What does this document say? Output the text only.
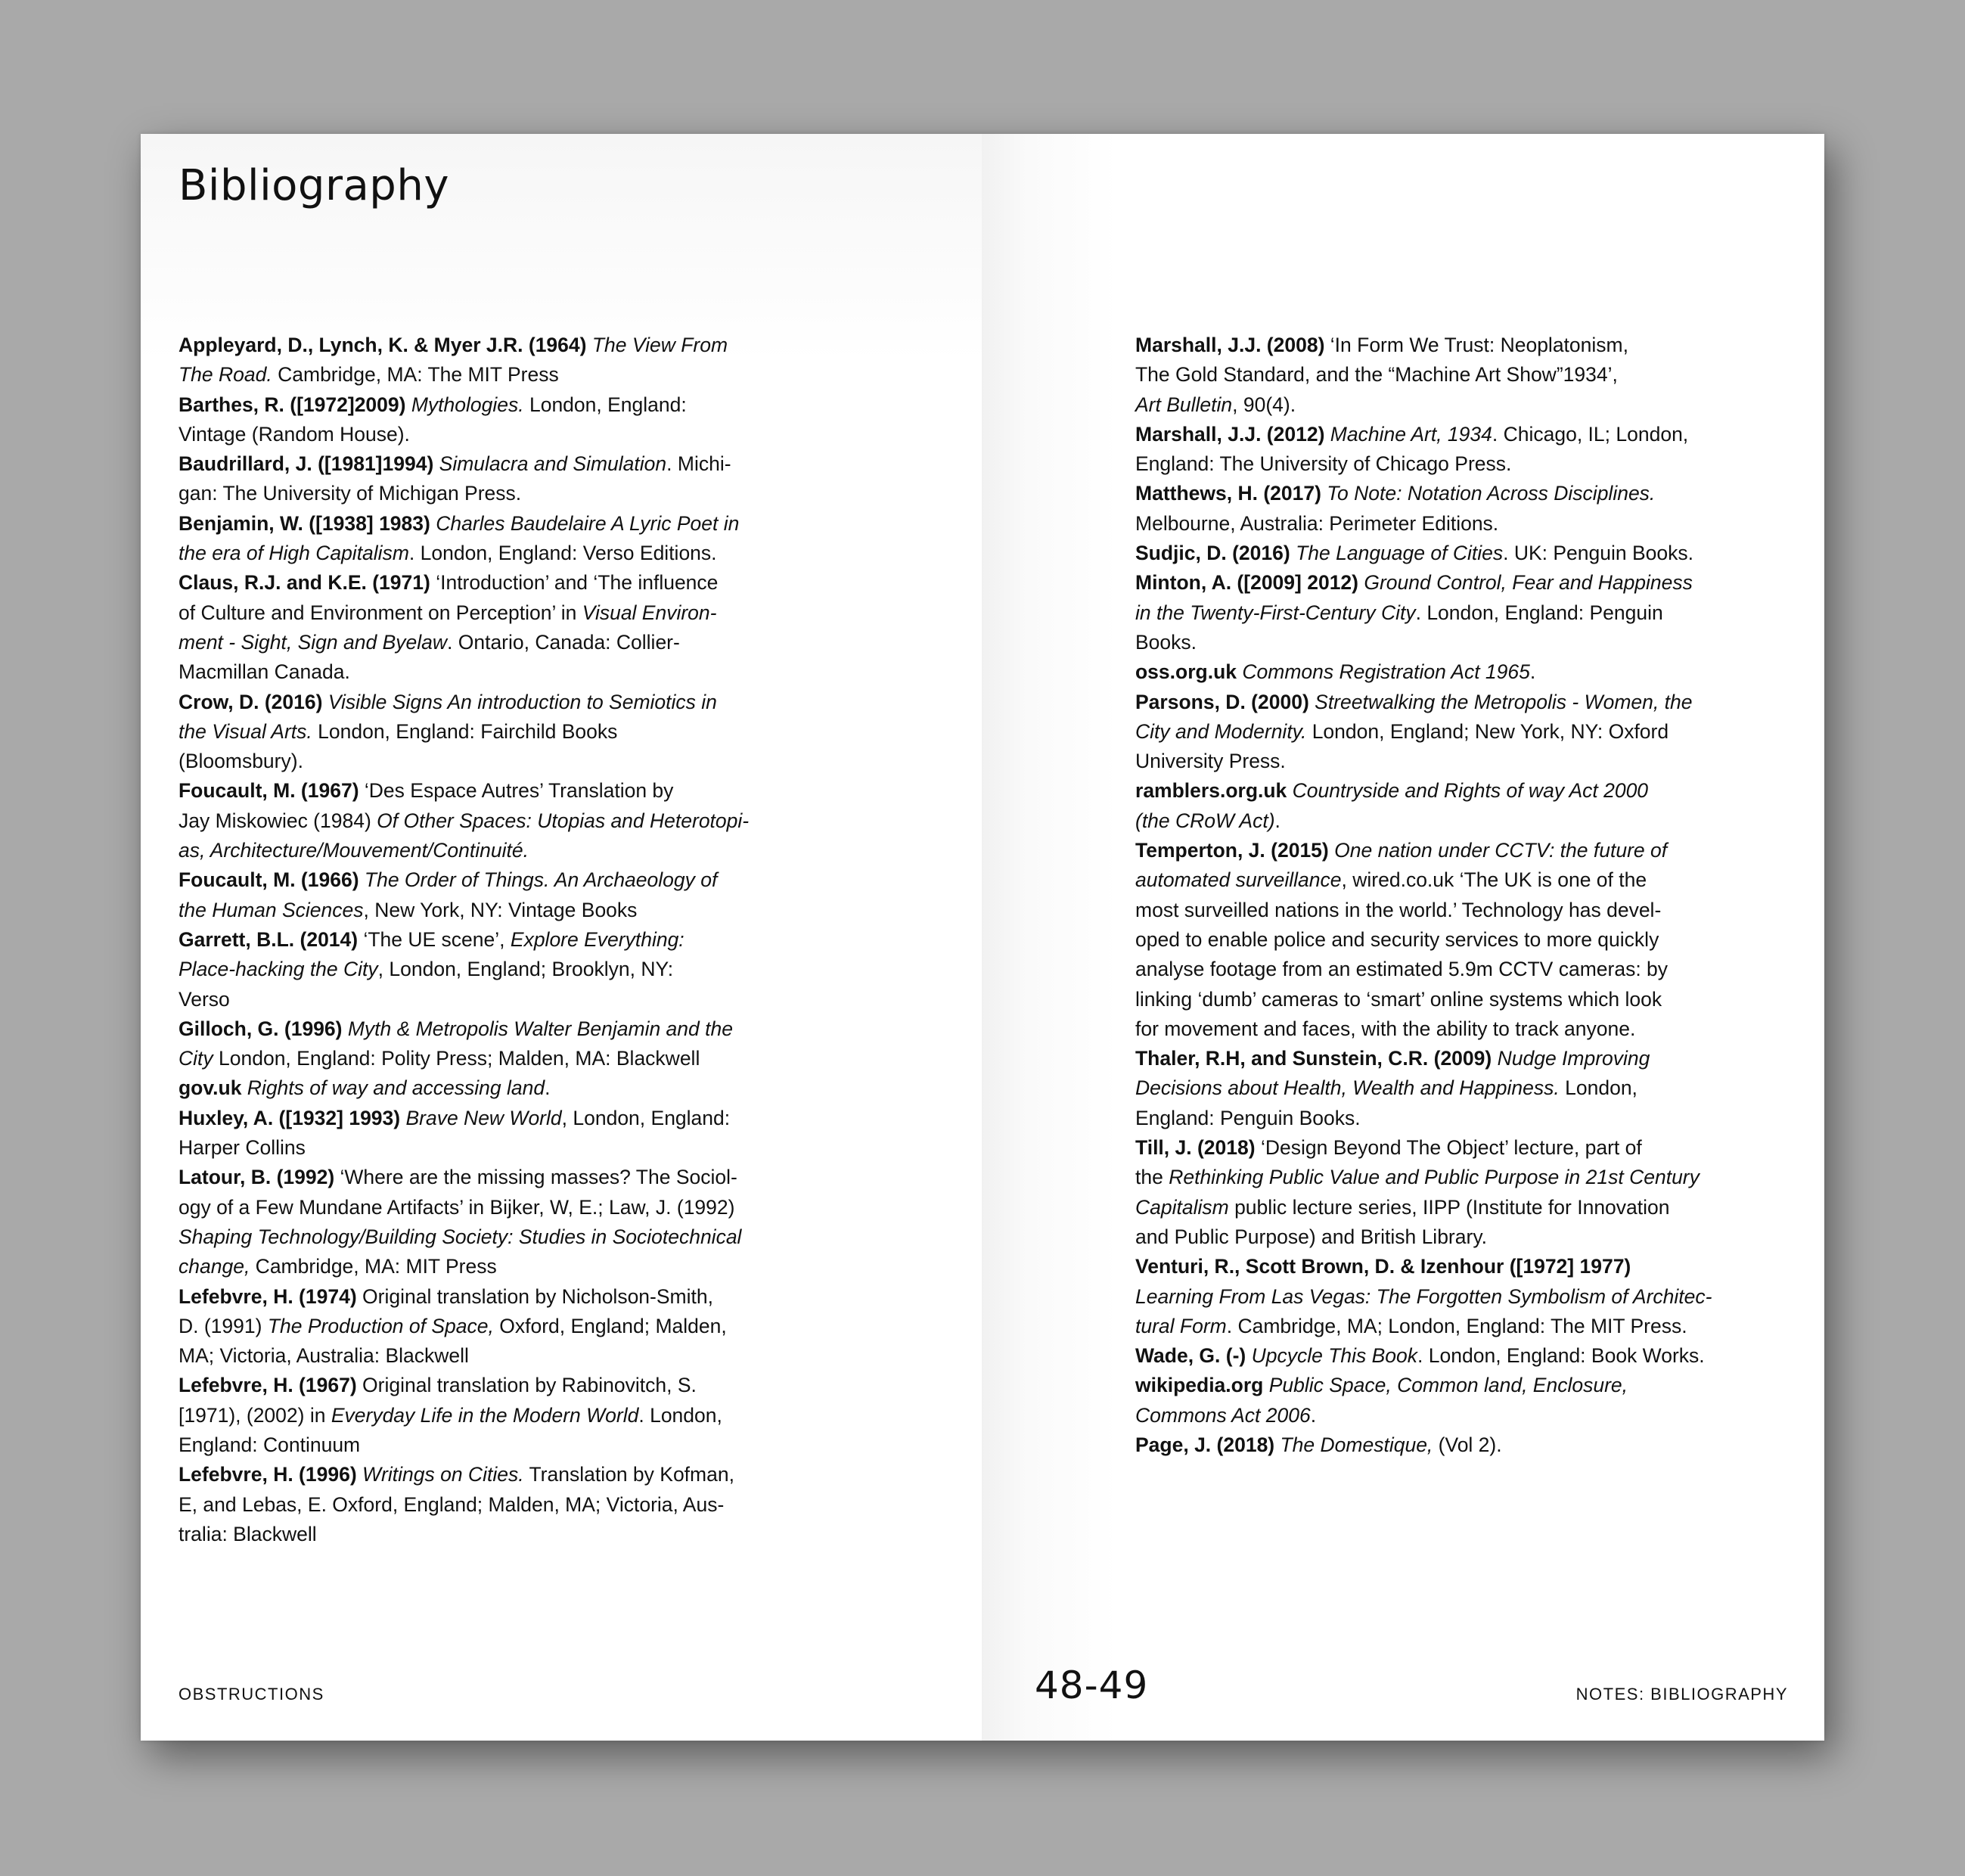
Bibliography
Appleyard, D., Lynch, K. & Myer J.R. (1964) The View From
The Road. Cambridge, MA: The MIT Press
Barthes, R. ([1972]2009) Mythologies. London, England:
Vintage (Random House).
Baudrillard, J. ([1981]1994) Simulacra and Simulation. Michi-
gan: The University of Michigan Press.
Benjamin, W. ([1938] 1983) Charles Baudelaire A Lyric Poet in
the era of High Capitalism. London, England: Verso Editions.
Claus, R.J. and K.E. (1971) ‘Introduction’ and ‘The influence
of Culture and Environment on Perception’ in Visual Environ-
ment - Sight, Sign and Byelaw. Ontario, Canada: Collier-
Macmillan Canada.
Crow, D. (2016) Visible Signs An introduction to Semiotics in
the Visual Arts. London, England: Fairchild Books
(Bloomsbury).
Foucault, M. (1967) ‘Des Espace Autres’ Translation by
Jay Miskowiec (1984) Of Other Spaces: Utopias and Heterotopi-
as, Architecture/Mouvement/Continuité.
Foucault, M. (1966) The Order of Things. An Archaeology of
the Human Sciences, New York, NY: Vintage Books
Garrett, B.L. (2014) ‘The UE scene’, Explore Everything:
Place-hacking the City, London, England; Brooklyn, NY:
Verso
Gilloch, G. (1996) Myth & Metropolis Walter Benjamin and the
City London, England: Polity Press; Malden, MA: Blackwell
gov.uk Rights of way and accessing land.
Huxley, A. ([1932] 1993) Brave New World, London, England:
Harper Collins
Latour, B. (1992) ‘Where are the missing masses? The Sociol-
ogy of a Few Mundane Artifacts’ in Bijker, W, E.; Law, J. (1992)
Shaping Technology/Building Society: Studies in Sociotechnical
change, Cambridge, MA: MIT Press
Lefebvre, H. (1974) Original translation by Nicholson-Smith,
D. (1991) The Production of Space, Oxford, England; Malden,
MA; Victoria, Australia: Blackwell
Lefebvre, H. (1967) Original translation by Rabinovitch, S.
[1971), (2002) in Everyday Life in the Modern World. London,
England: Continuum
Lefebvre, H. (1996) Writings on Cities. Translation by Kofman,
E, and Lebas, E. Oxford, England; Malden, MA; Victoria, Aus-
tralia: Blackwell

OBSTRUCTIONS

Marshall, J.J. (2008) ‘In Form We Trust: Neoplatonism,
The Gold Standard, and the “Machine Art Show”1934’,
Art Bulletin, 90(4).
Marshall, J.J. (2012) Machine Art, 1934. Chicago, IL; London,
England: The University of Chicago Press.
Matthews, H. (2017) To Note: Notation Across Disciplines.
Melbourne, Australia: Perimeter Editions.
Sudjic, D. (2016) The Language of Cities. UK: Penguin Books.
Minton, A. ([2009] 2012) Ground Control, Fear and Happiness
in the Twenty-First-Century City. London, England: Penguin
Books.
oss.org.uk Commons Registration Act 1965.
Parsons, D. (2000) Streetwalking the Metropolis - Women, the
City and Modernity. London, England; New York, NY: Oxford
University Press.
ramblers.org.uk Countryside and Rights of way Act 2000
(the CRoW Act).
Temperton, J. (2015) One nation under CCTV: the future of
automated surveillance, wired.co.uk ‘The UK is one of the
most surveilled nations in the world.’ Technology has devel-
oped to enable police and security services to more quickly
analyse footage from an estimated 5.9m CCTV cameras: by
linking ‘dumb’ cameras to ‘smart’ online systems which look
for movement and faces, with the ability to track anyone.
Thaler, R.H, and Sunstein, C.R. (2009) Nudge Improving
Decisions about Health, Wealth and Happiness. London,
England: Penguin Books.
Till, J. (2018) ‘Design Beyond The Object’ lecture, part of
the Rethinking Public Value and Public Purpose in 21st Century
Capitalism public lecture series, IIPP (Institute for Innovation
and Public Purpose) and British Library.
Venturi, R., Scott Brown, D. & Izenhour ([1972] 1977)
Learning From Las Vegas: The Forgotten Symbolism of Architec-
tural Form. Cambridge, MA; London, England: The MIT Press.
Wade, G. (-) Upcycle This Book. London, England: Book Works.
wikipedia.org Public Space, Common land, Enclosure,
Commons Act 2006.
Page, J. (2018) The Domestique, (Vol 2).

NOTES: BIBLIOGRAPHY

48-49
